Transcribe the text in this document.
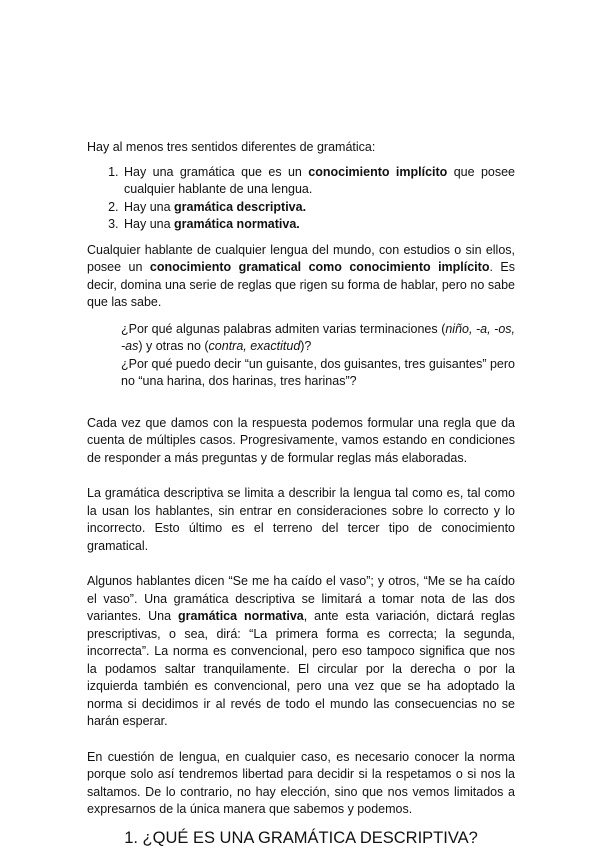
Hay al menos tres sentidos diferentes de gramática:

1. Hay una gramática que es un conocimiento implícito que posee cualquier hablante de una lengua.
2. Hay una gramática descriptiva.
3. Hay una gramática normativa.

Cualquier hablante de cualquier lengua del mundo, con estudios o sin ellos, posee un conocimiento gramatical como conocimiento implícito. Es decir, domina una serie de reglas que rigen su forma de hablar, pero no sabe que las sabe.

¿Por qué algunas palabras admiten varias terminaciones (niño, -a, -os, -as) y otras no (contra, exactitud)?

¿Por qué puedo decir “un guisante, dos guisantes, tres guisantes” pero no “una harina, dos harinas, tres harinas”?

Cada vez que damos con la respuesta podemos formular una regla que da cuenta de múltiples casos. Progresivamente, vamos estando en condiciones de responder a más preguntas y de formular reglas más elaboradas.

La gramática descriptiva se limita a describir la lengua tal como es, tal como la usan los hablantes, sin entrar en consideraciones sobre lo correcto y lo incorrecto. Esto último es el terreno del tercer tipo de conocimiento gramatical.

Algunos hablantes dicen “Se me ha caído el vaso”; y otros, “Me se ha caído el vaso”. Una gramática descriptiva se limitará a tomar nota de las dos variantes. Una gramática normativa, ante esta variación, dictará reglas prescriptivas, o sea, dirá: “La primera forma es correcta; la segunda, incorrecta”. La norma es convencional, pero eso tampoco significa que nos la podamos saltar tranquilamente. El circular por la derecha o por la izquierda también es convencional, pero una vez que se ha adoptado la norma si decidimos ir al revés de todo el mundo las consecuencias no se harán esperar.

En cuestión de lengua, en cualquier caso, es necesario conocer la norma porque solo así tendremos libertad para decidir si la respetamos o si nos la saltamos. De lo contrario, no hay elección, sino que nos vemos limitados a expresarnos de la única manera que sabemos y podemos.

1. ¿QUÉ ES UNA GRAMÁTICA DESCRIPTIVA?
